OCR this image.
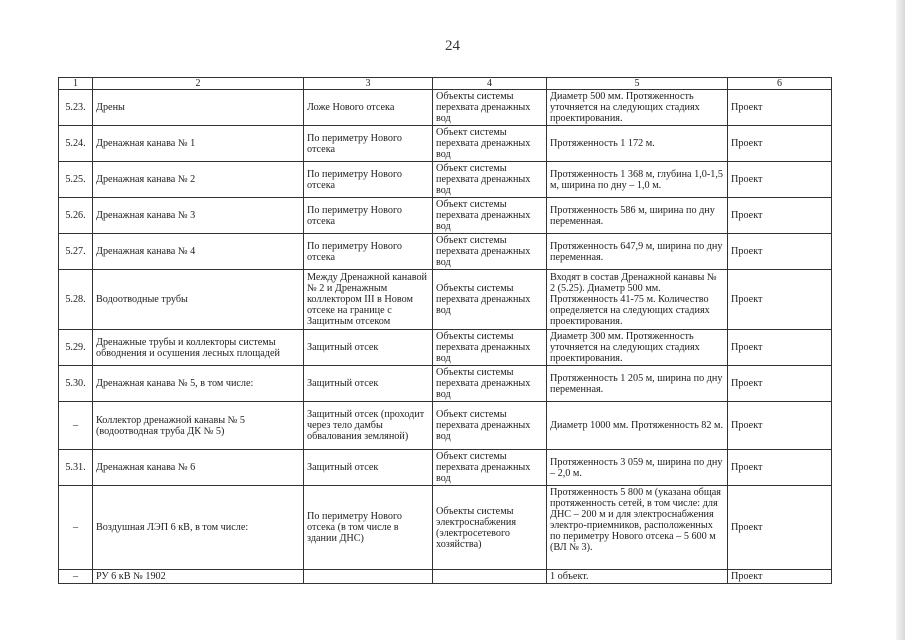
24
1	2	3	4	5	6
5.23.	Дрены	Ложе Нового отсека	Объекты системы перехвата дренажных вод	Диаметр 500 мм. Протяженность уточняется на следующих стадиях проектирования.	Проект
5.24.	Дренажная канава № 1	По периметру Нового отсека	Объект системы перехвата дренажных вод	Протяженность 1 172 м.	Проект
5.25.	Дренажная канава № 2	По периметру Нового отсека	Объект системы перехвата дренажных вод	Протяженность 1 368 м, глубина 1,0-1,5 м, ширина по дну – 1,0 м.	Проект
5.26.	Дренажная канава № 3	По периметру Нового отсека	Объект системы перехвата дренажных вод	Протяженность 586 м, ширина по дну переменная.	Проект
5.27.	Дренажная канава № 4	По периметру Нового отсека	Объект системы перехвата дренажных вод	Протяженность 647,9 м, ширина по дну переменная.	Проект
5.28.	Водоотводные трубы	Между Дренажной канавой № 2 и Дренажным коллектором III в Новом отсеке на границе с Защитным отсеком	Объекты системы перехвата дренажных вод	Входят в состав Дренажной канавы № 2 (5.25). Диаметр 500 мм. Протяженность 41-75 м. Количество определяется на следующих стадиях проектирования.	Проект
5.29.	Дренажные трубы и коллекторы системы обводнения и осушения лесных площадей	Защитный отсек	Объекты системы перехвата дренажных вод	Диаметр 300 мм. Протяженность уточняется на следующих стадиях проектирования.	Проект
5.30.	Дренажная канава № 5, в том числе:	Защитный отсек	Объекты системы перехвата дренажных вод	Протяженность 1 205 м, ширина по дну переменная.	Проект
–	Коллектор дренажной канавы № 5 (водоотводная труба ДК № 5)	Защитный отсек (проходит через тело дамбы обвалования земляной)	Объект системы перехвата дренажных вод	Диаметр 1000 мм. Протяженность 82 м.	Проект
5.31.	Дренажная канава № 6	Защитный отсек	Объект системы перехвата дренажных вод	Протяженность 3 059 м, ширина по дну – 2,0 м.	Проект
–	Воздушная ЛЭП 6 кВ, в том числе:	По периметру Нового отсека (в том числе в здании ДНС)	Объекты системы электроснабжения (электросетевого хозяйства)	Протяженность 5 800 м (указана общая протяженность сетей, в том числе: для ДНС – 200 м и для электроснабжения электро-приемников, расположенных по периметру Нового отсека – 5 600 м (ВЛ № 3).	Проект
–	РУ 6 кВ № 1902			1 объект.	Проект
